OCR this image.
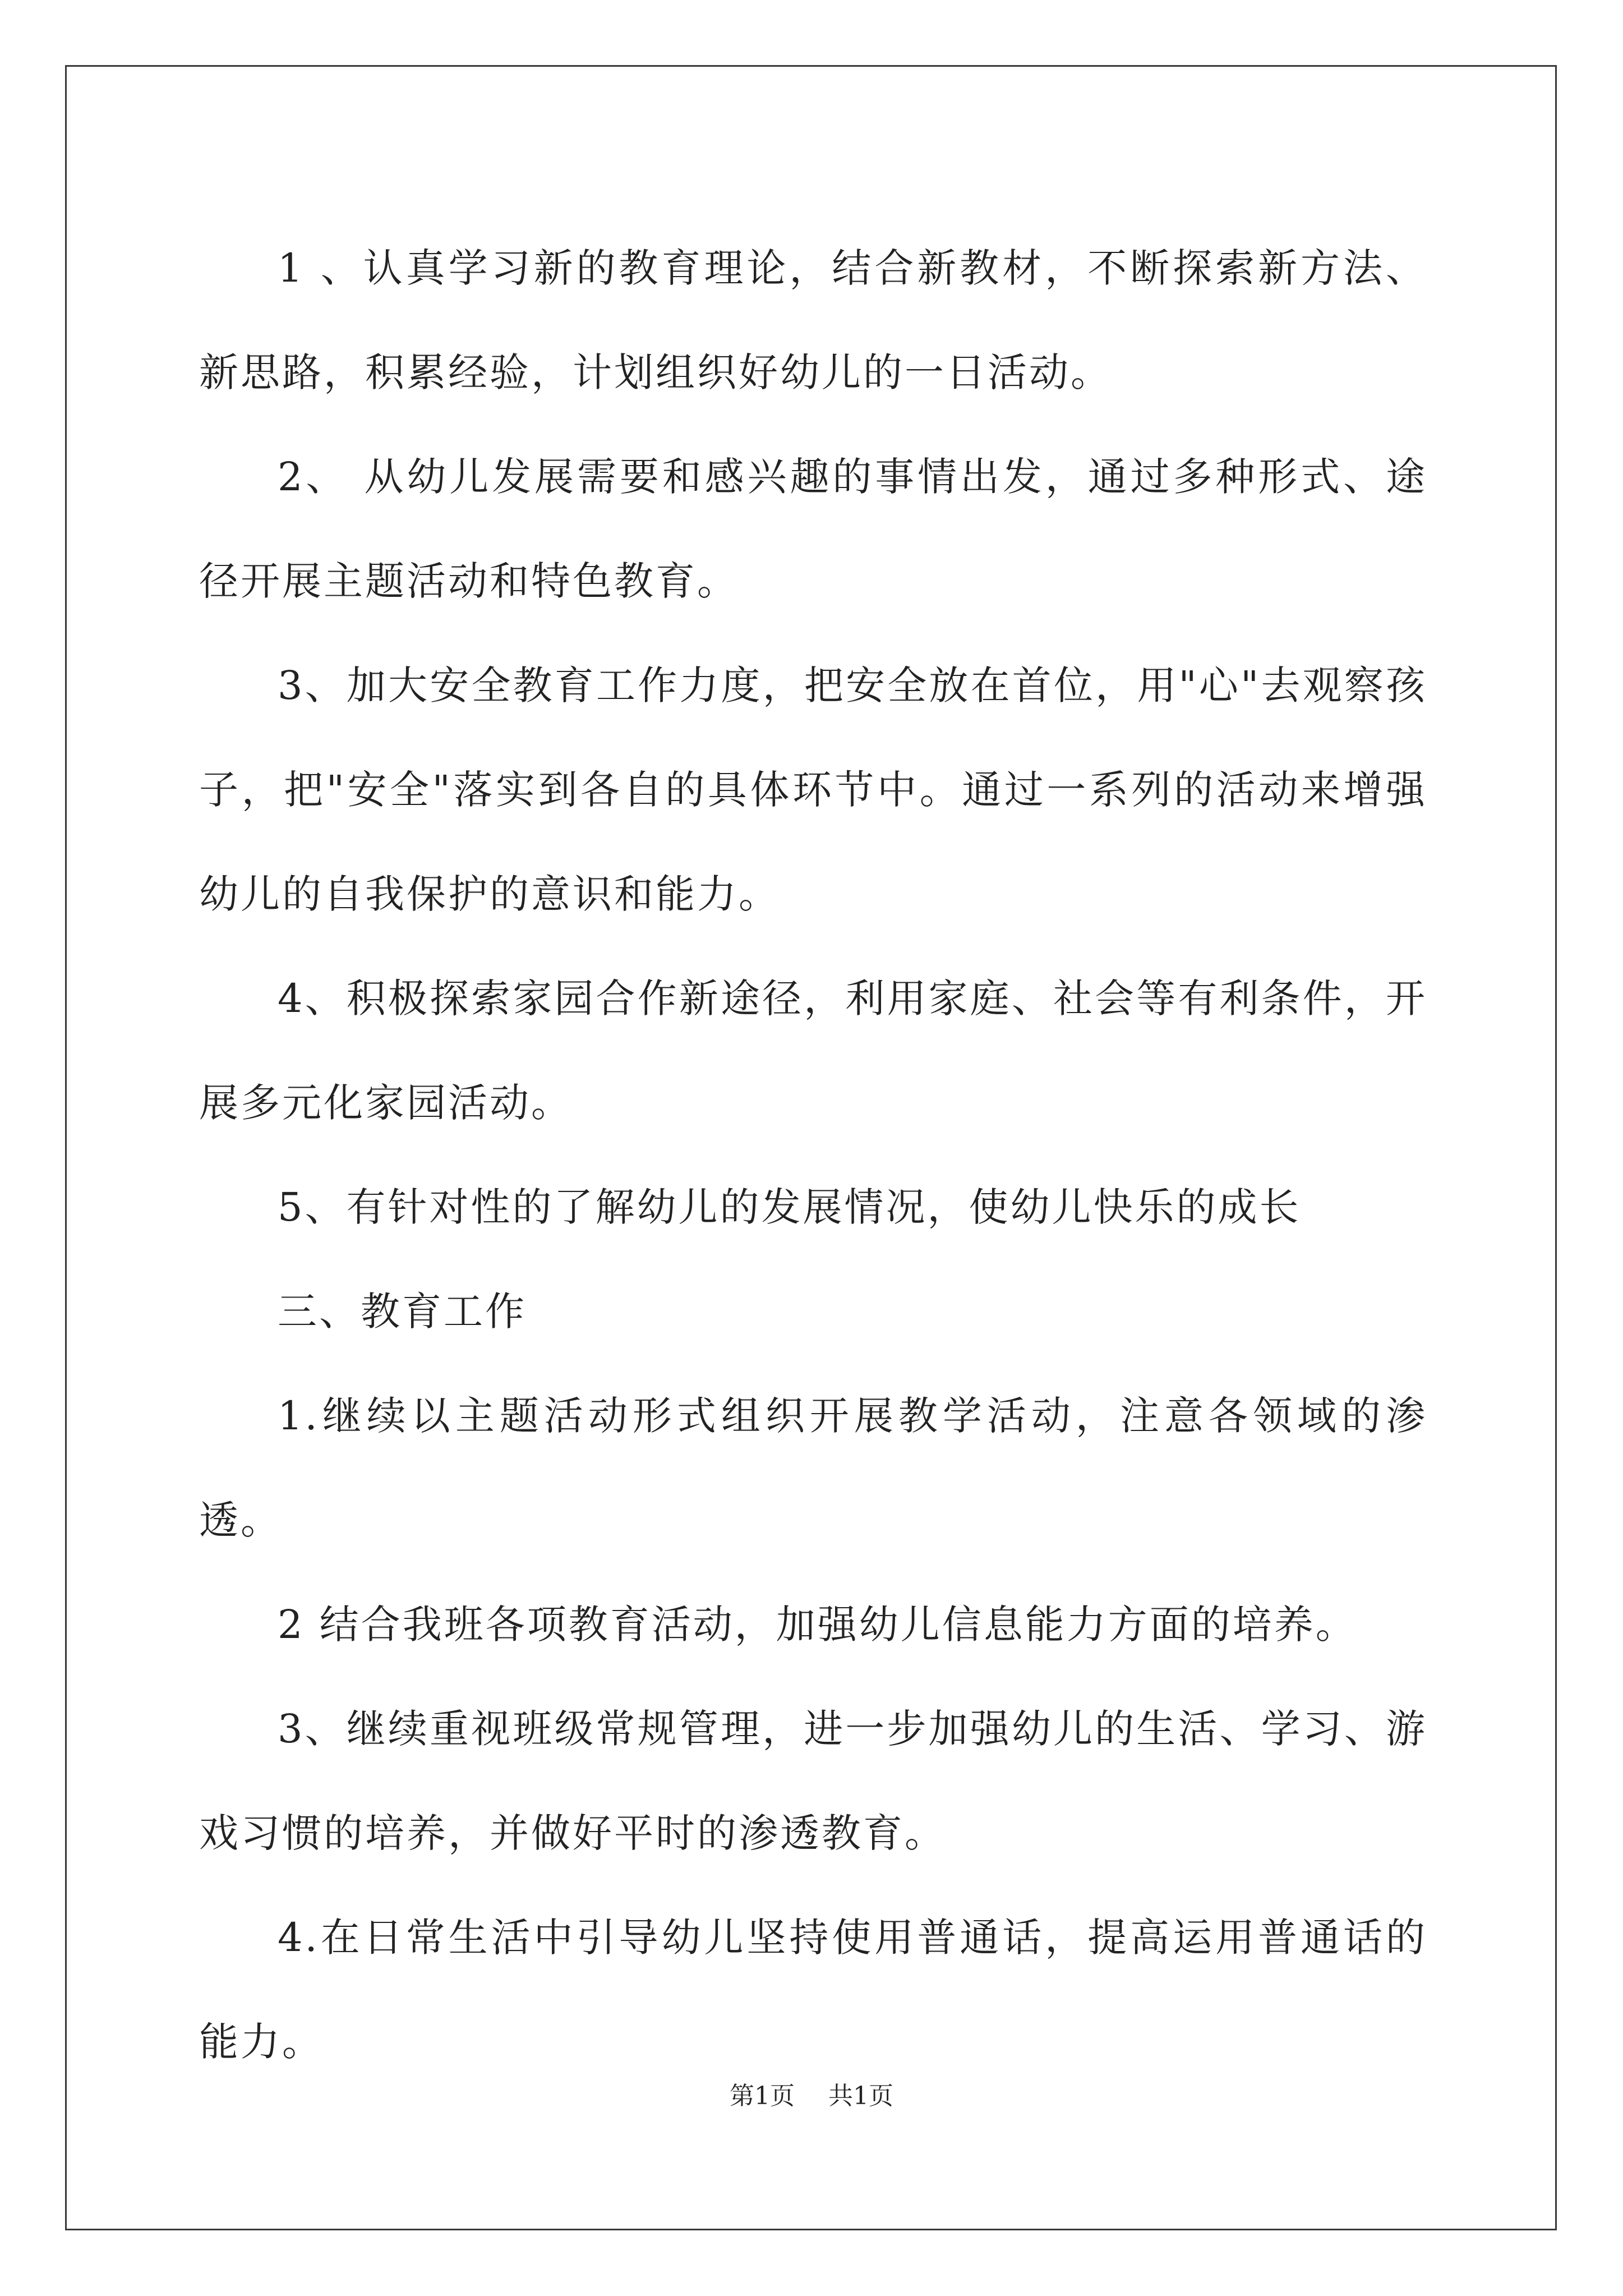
1 、认真学习新的教育理论，结合新教材，不断探索新方法、新思路，积累经验，计划组织好幼儿的一日活动。

2、 从幼儿发展需要和感兴趣的事情出发，通过多种形式、途径开展主题活动和特色教育。

3、加大安全教育工作力度，把安全放在首位，用"心"去观察孩子，把"安全"落实到各自的具体环节中。通过一系列的活动来增强幼儿的自我保护的意识和能力。

4、积极探索家园合作新途径，利用家庭、社会等有利条件，开展多元化家园活动。

5、有针对性的了解幼儿的发展情况，使幼儿快乐的成长

三、教育工作

1.继续以主题活动形式组织开展教学活动，注意各领域的渗透。

2 结合我班各项教育活动，加强幼儿信息能力方面的培养。

3、继续重视班级常规管理，进一步加强幼儿的生活、学习、游戏习惯的培养，并做好平时的渗透教育。

4.在日常生活中引导幼儿坚持使用普通话，提高运用普通话的能力。

第1页 共1页
